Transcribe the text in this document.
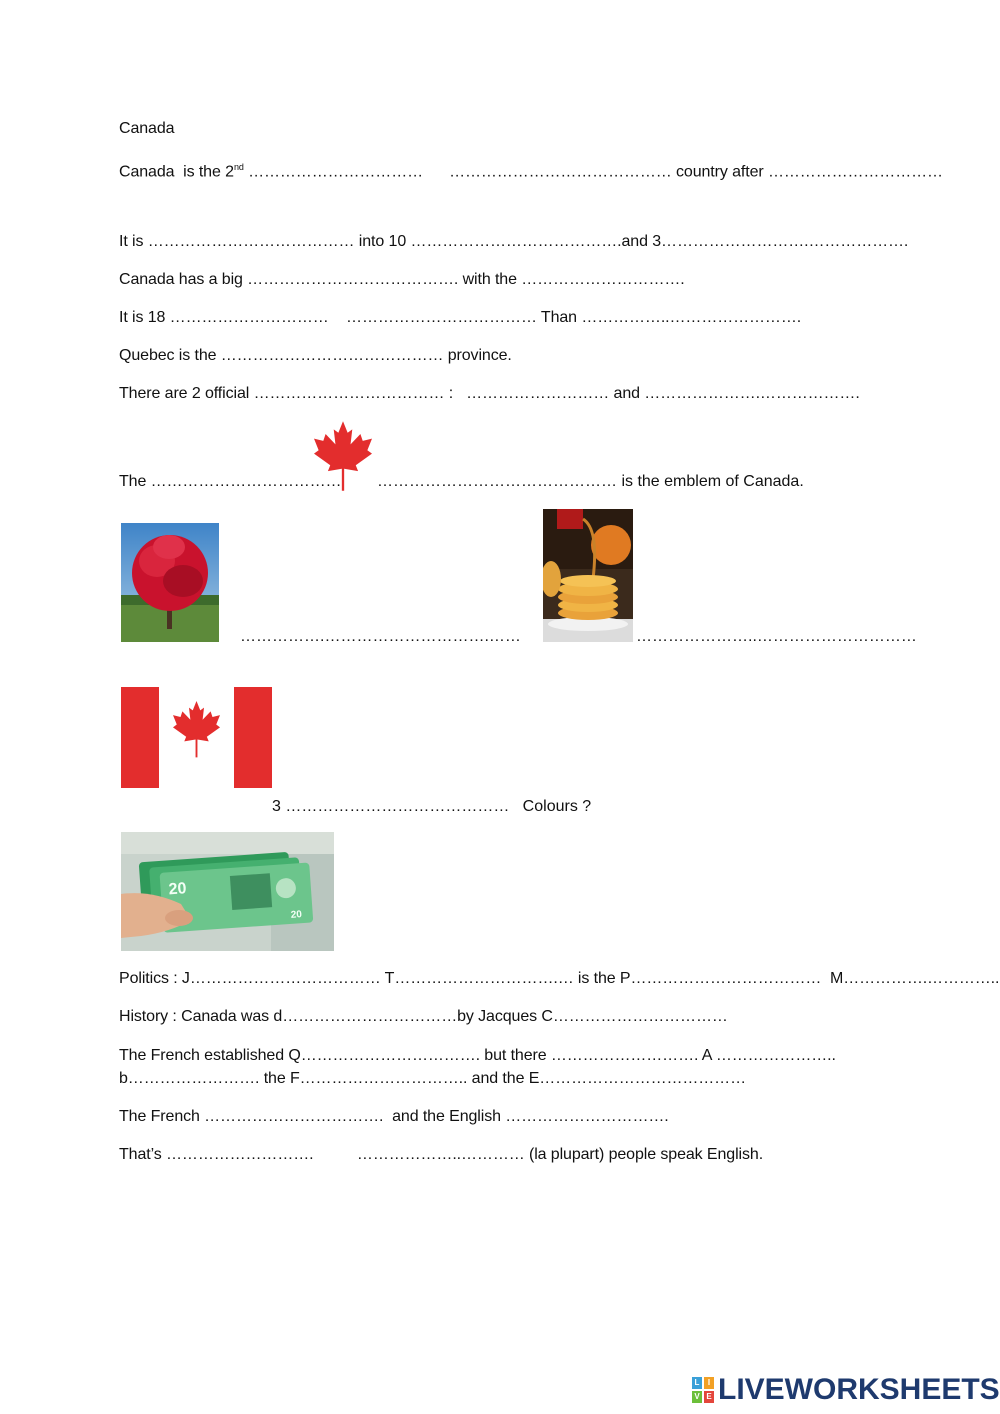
Canada
Canada  is the 2nd ……………………………      …………………………………… country after ……………………………
It is ………………………………… into 10 ………………………………….and 3……………………….……………….
Canada has a big …………………………………. with the ………………………….
It is 18 …………………………    ……………………………… Than ……………..…………………….
Quebec is the …………………………………… province.
There are 2 official ……………………………… :   ……………………… and ………………….……………….
The ……………………………… ……………………………………… is the emblem of Canada.
…………….………………………….……	…………………..…………………………
3 ……………………………………   Colours ?
20
20
Politics : J……………………………… T………………………….… is the P………………………………  M…………….…………..
History : Canada was d……………………………by Jacques C……………………………
The French established Q……………………………. but there ………………………. A …………………..
b……………………. the F………………………….. and the E…………………………………
The French …………………………….  and the English ………………………….
That’s ……………………….          ………………..………… (la plupart) people speak English.
L	I
V E LIVEWORKSHEETS
